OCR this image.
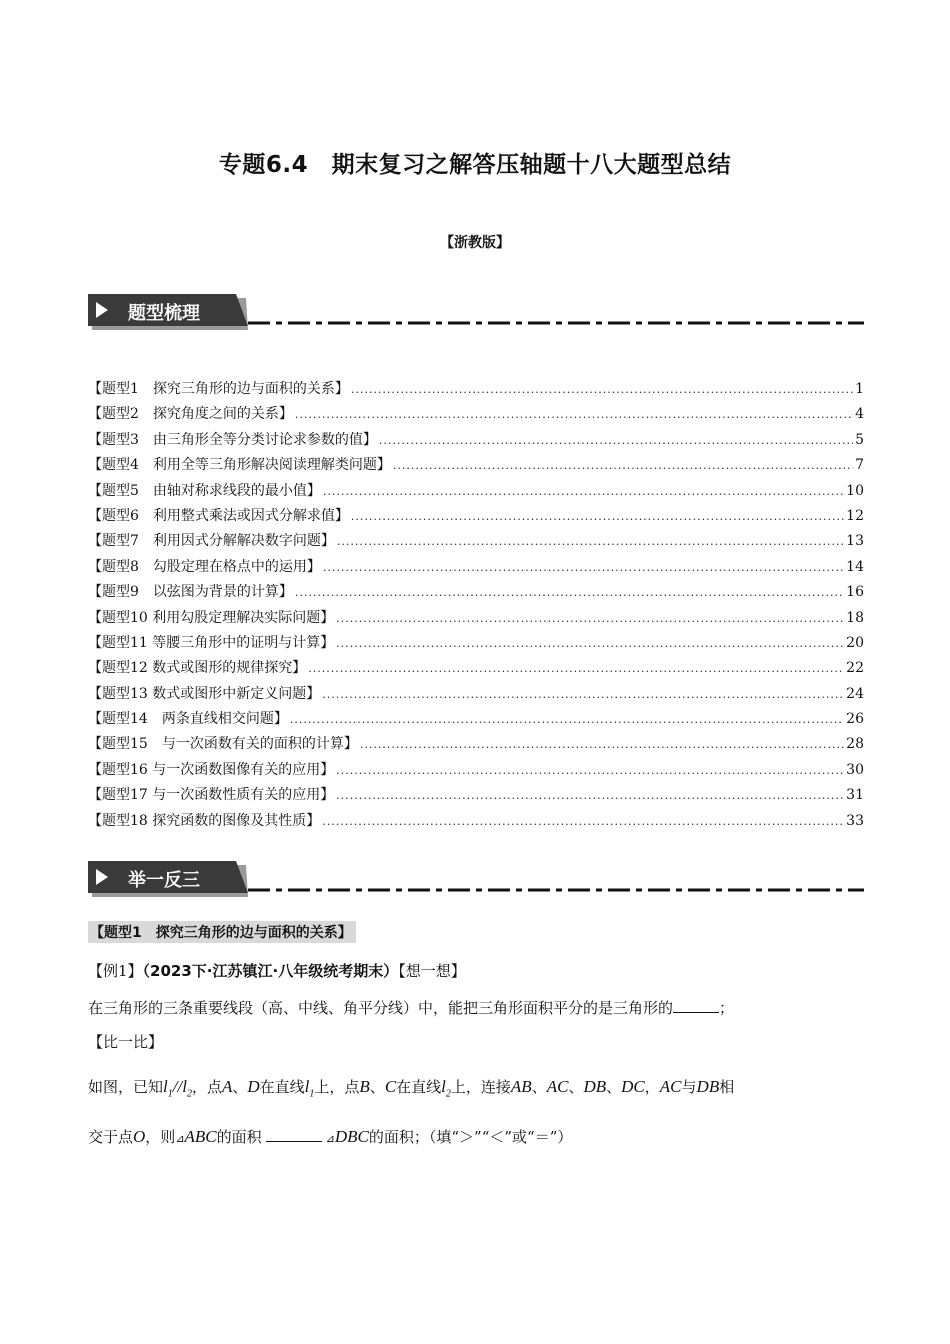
专题6.4　期末复习之解答压轴题十八大题型总结
【浙教版】
题型梳理
【题型1　探究三角形的边与面积的关系】 .....	1
【题型2　探究角度之间的关系】 .....	4
【题型3　由三角形全等分类讨论求参数的值】 .....	5
【题型4　利用全等三角形解决阅读理解类问题】 .....	7
【题型5　由轴对称求线段的最小值】 .....	10
【题型6　利用整式乘法或因式分解求值】 .....	12
【题型7　利用因式分解解决数字问题】 .....	13
【题型8　勾股定理在格点中的运用】 .....	14
【题型9　以弦图为背景的计算】 .....	16
【题型10 利用勾股定理解决实际问题】 .....	18
【题型11 等腰三角形中的证明与计算】 .....	20
【题型12 数式或图形的规律探究】 .....	22
【题型13 数式或图形中新定义问题】 .....	24
【题型14　两条直线相交问题】 .....	26
【题型15　与一次函数有关的面积的计算】 .....	28
【题型16 与一次函数图像有关的应用】 .....	30
【题型17 与一次函数性质有关的应用】 .....	31
【题型18 探究函数的图像及其性质】 .....	33
举一反三
【题型1　探究三角形的边与面积的关系】
【例1】（2023下·江苏镇江·八年级统考期末）【想一想】
在三角形的三条重要线段（高、中线、角平分线）中，能把三角形面积平分的是三角形的	；
【比一比】
如图，已知$l_1//l_2$，点A、D在直线$l_1$上，点B、C在直线$l_2$上，连接AB、AC、DB、DC，AC与DB相
交于点O，则⊿ABC的面积	⊿DBC的面积；（填“＞”“＜”或“＝”）
